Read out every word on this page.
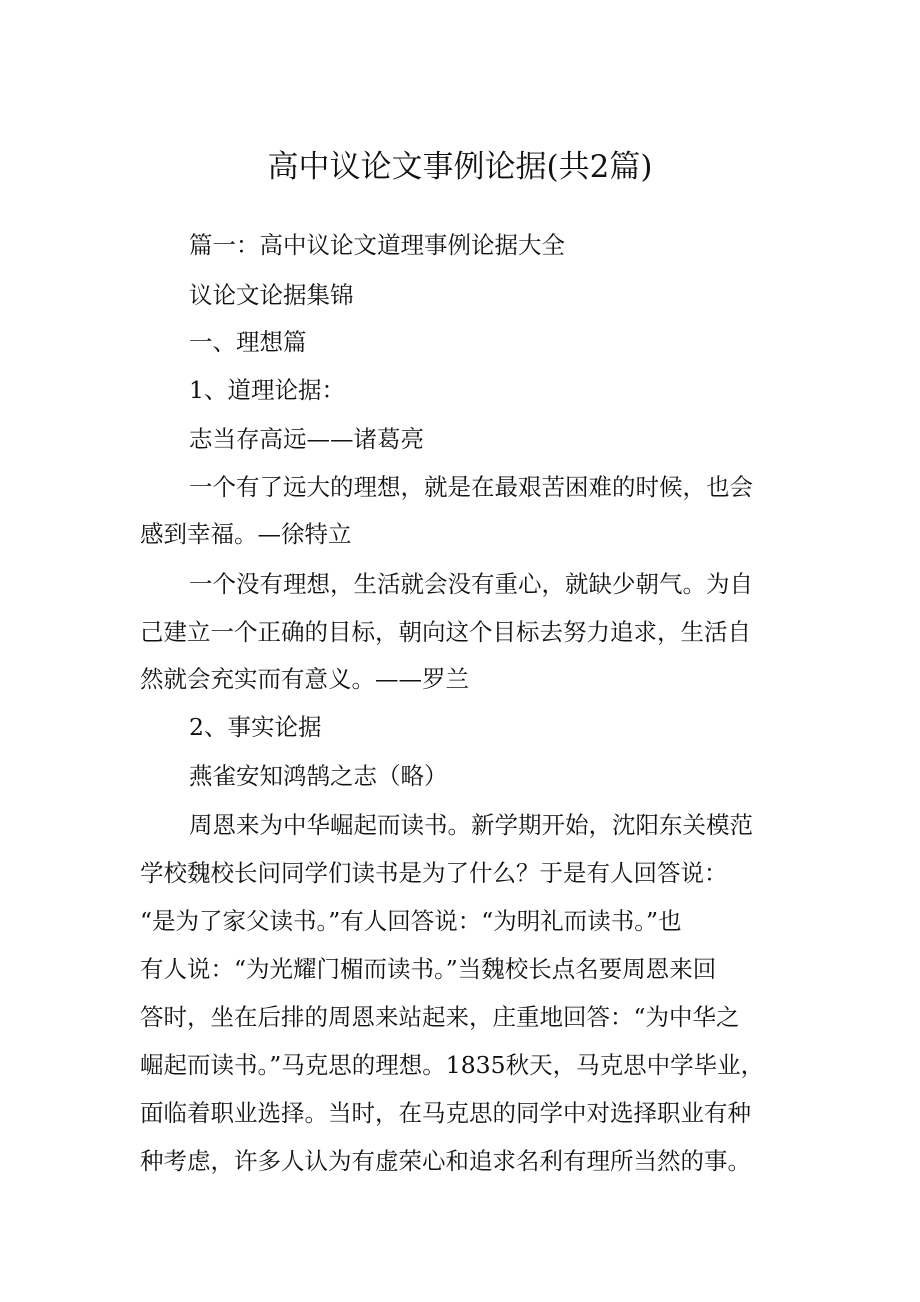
高中议论文事例论据(共2篇)

篇一：高中议论文道理事例论据大全

议论文论据集锦

一、理想篇

1、道理论据：

志当存高远——诸葛亮

一个有了远大的理想，就是在最艰苦困难的时候，也会

感到幸福。—徐特立

一个没有理想，生活就会没有重心，就缺少朝气。为自

己建立一个正确的目标，朝向这个目标去努力追求，生活自

然就会充实而有意义。——罗兰

2、事实论据

燕雀安知鸿鹄之志（略）

周恩来为中华崛起而读书。新学期开始，沈阳东关模范

学校魏校长问同学们读书是为了什么？于是有人回答说：

“是为了家父读书。”有人回答说：“为明礼而读书。”也

有人说：“为光耀门楣而读书。”当魏校长点名要周恩来回

答时，坐在后排的周恩来站起来，庄重地回答：“为中华之

崛起而读书。”马克思的理想。1835秋天，马克思中学毕业，

面临着职业选择。当时，在马克思的同学中对选择职业有种

种考虑，许多人认为有虚荣心和追求名利有理所当然的事。
